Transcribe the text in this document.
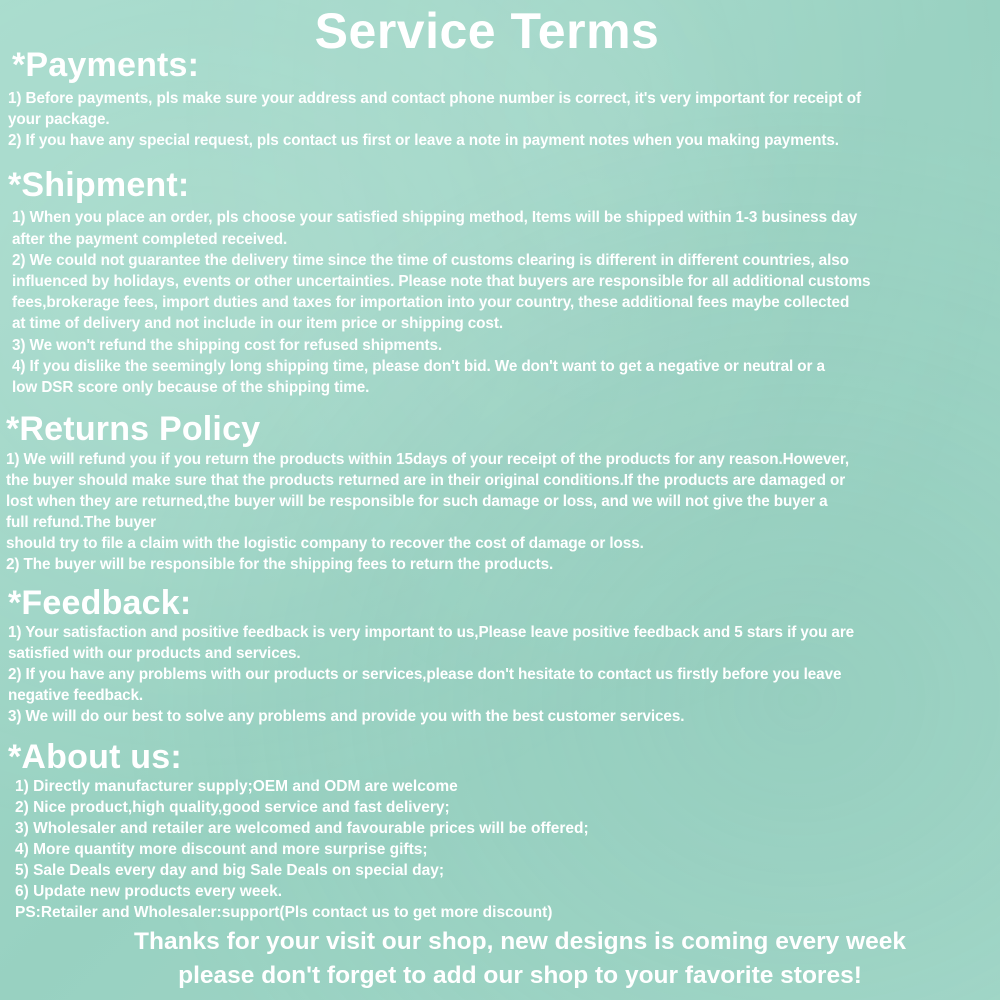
Service Terms
*Payments:
1) Before payments, pls make sure your address and contact phone number is correct, it's very important for receipt of
your package.
2) If you have any special request, pls contact us first or leave a note in payment notes when you making payments.
*Shipment:
1) When you place an order, pls choose your satisfied shipping method, Items will be shipped within 1-3 business day
after the payment completed received.
2) We could not guarantee the delivery time since the time of customs clearing is different in different countries, also
influenced by holidays, events or other uncertainties. Please note that buyers are responsible for all additional customs
fees,brokerage fees, import duties and taxes for importation into your country, these additional fees maybe collected
at time of delivery and not include in our item price or shipping cost.
3) We won't refund the shipping cost for refused shipments.
4) If you dislike the seemingly long shipping time, please don't bid. We don't want to get a negative or neutral or a
low DSR score only because of the shipping time.
*Returns Policy
1) We will refund you if you return the products within 15days of your receipt of the products for any reason.However,
the buyer should make sure that the products returned are in their original conditions.If the products are damaged or
lost when they are returned,the buyer will be responsible for such damage or loss, and we will not give the buyer a
full refund.The buyer
should try to file a claim with the logistic company to recover the cost of damage or loss.
2) The buyer will be responsible for the shipping fees to return the products.
*Feedback:
1) Your satisfaction and positive feedback is very important to us,Please leave positive feedback and 5 stars if you are
satisfied with our products and services.
2) If you have any problems with our products or services,please don't hesitate to contact us firstly before you leave
negative feedback.
3) We will do our best to solve any problems and provide you with the best customer services.
*About us:
1) Directly manufacturer supply;OEM and ODM are welcome
2) Nice product,high quality,good service and fast delivery;
3) Wholesaler and retailer are welcomed and favourable prices will be offered;
4) More quantity more discount and more surprise gifts;
5) Sale Deals every day and big Sale Deals on special day;
6) Update new products every week.
PS:Retailer and Wholesaler:support(Pls contact us to get more discount)
Thanks for your visit our shop, new designs is coming every week
please don't forget to add our shop to your favorite stores!
